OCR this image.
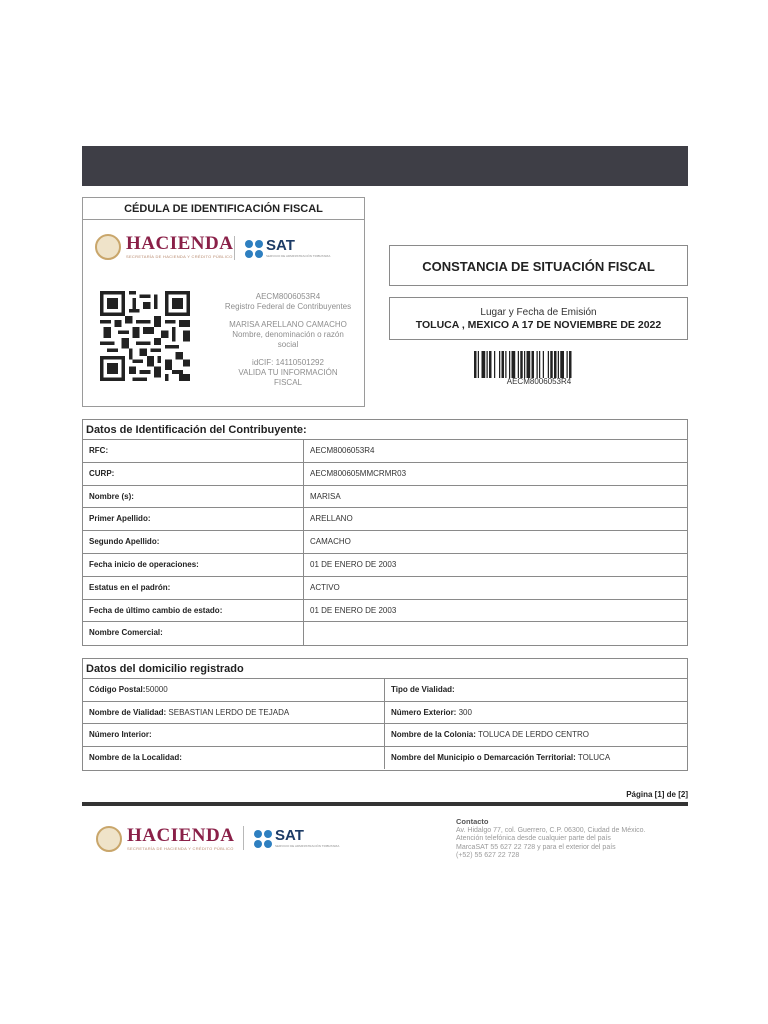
CÉDULA DE IDENTIFICACIÓN FISCAL
HACIENDA
SECRETARÍA DE HACIENDA Y CRÉDITO PÚBLICO
SAT
SERVICIO DE ADMINISTRACIÓN TRIBUTARIA
AECM8006053R4
Registro Federal de Contribuyentes
MARISA ARELLANO CAMACHO
Nombre, denominación o razón
social
idCIF: 14110501292
VALIDA TU INFORMACIÓN
FISCAL
CONSTANCIA DE SITUACIÓN FISCAL
Lugar y Fecha de Emisión
TOLUCA , MEXICO A 17 DE NOVIEMBRE DE 2022
AECM8006053R4
Datos de Identificación del Contribuyente:
RFC:	AECM8006053R4
CURP:	AECM800605MMCRMR03
Nombre (s):	MARISA
Primer Apellido:	ARELLANO
Segundo Apellido:	CAMACHO
Fecha inicio de operaciones:	01 DE ENERO DE 2003
Estatus en el padrón:	ACTIVO
Fecha de último cambio de estado:	01 DE ENERO DE 2003
Nombre Comercial:
Datos del domicilio registrado
Código Postal:50000	Tipo de Vialidad:
Nombre de Vialidad: SEBASTIAN LERDO DE TEJADA	Número Exterior: 300
Número Interior:	Nombre de la Colonia: TOLUCA DE LERDO CENTRO
Nombre de la Localidad:	Nombre del Municipio o Demarcación Territorial: TOLUCA
Página [1] de [2]
HACIENDA
SECRETARÍA DE HACIENDA Y CRÉDITO PÚBLICO
SAT
SERVICIO DE ADMINISTRACIÓN TRIBUTARIA
Contacto
Av. Hidalgo 77, col. Guerrero, C.P. 06300, Ciudad de México.
Atención telefónica desde cualquier parte del país
MarcaSAT 55 627 22 728 y para el exterior del país
(+52) 55 627 22 728
